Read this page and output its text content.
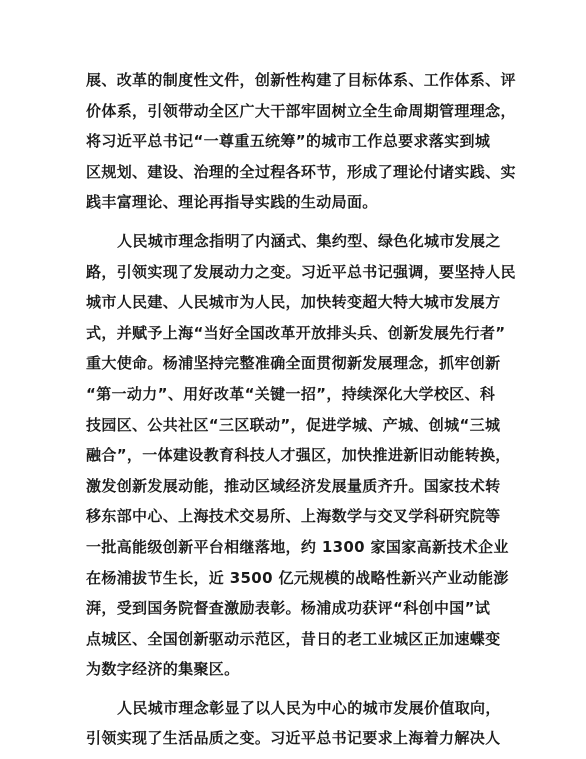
展、改革的制度性文件，创新性构建了目标体系、工作体系、评
价体系，引领带动全区广大干部牢固树立全生命周期管理理念，
将习近平总书记“一尊重五统筹”的城市工作总要求落实到城
区规划、建设、治理的全过程各环节，形成了理论付诸实践、实
践丰富理论、理论再指导实践的生动局面。
人民城市理念指明了内涵式、集约型、绿色化城市发展之
路，引领实现了发展动力之变。习近平总书记强调，要坚持人民
城市人民建、人民城市为人民，加快转变超大特大城市发展方
式，并赋予上海“当好全国改革开放排头兵、创新发展先行者”
重大使命。杨浦坚持完整准确全面贯彻新发展理念，抓牢创新
“第一动力”、用好改革“关键一招”，持续深化大学校区、科
技园区、公共社区“三区联动”，促进学城、产城、创城“三城
融合”，一体建设教育科技人才强区，加快推进新旧动能转换，
激发创新发展动能，推动区域经济发展量质齐升。国家技术转
移东部中心、上海技术交易所、上海数学与交叉学科研究院等
一批高能级创新平台相继落地，约 1300 家国家高新技术企业
在杨浦拔节生长，近 3500 亿元规模的战略性新兴产业动能澎
湃，受到国务院督查激励表彰。杨浦成功获评“科创中国”试
点城区、全国创新驱动示范区，昔日的老工业城区正加速蝶变
为数字经济的集聚区。
人民城市理念彰显了以人民为中心的城市发展价值取向，
引领实现了生活品质之变。习近平总书记要求上海着力解决人
